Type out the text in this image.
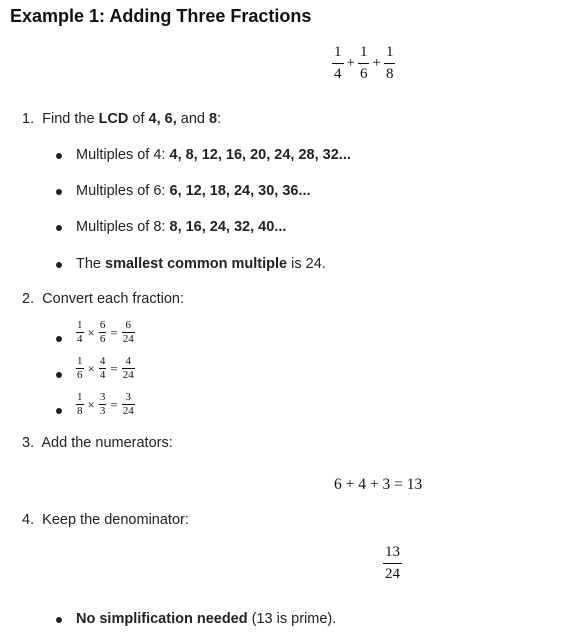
Example 1: Adding Three Fractions
$\frac{1}{4} + \frac{1}{6} + \frac{1}{8}$
1. Find the LCD of 4, 6, and 8:
Multiples of 4: 4, 8, 12, 16, 20, 24, 28, 32...
Multiples of 6: 6, 12, 18, 24, 30, 36...
Multiples of 8: 8, 16, 24, 32, 40...
The smallest common multiple is 24.
2. Convert each fraction:
$\frac{1}{4} \times \frac{6}{6} = \frac{6}{24}$
$\frac{1}{6} \times \frac{4}{4} = \frac{4}{24}$
$\frac{1}{8} \times \frac{3}{3} = \frac{3}{24}$
3. Add the numerators:
6 + 4 + 3 = 13
4. Keep the denominator:
$\frac{13}{24}$
No simplification needed (13 is prime).
